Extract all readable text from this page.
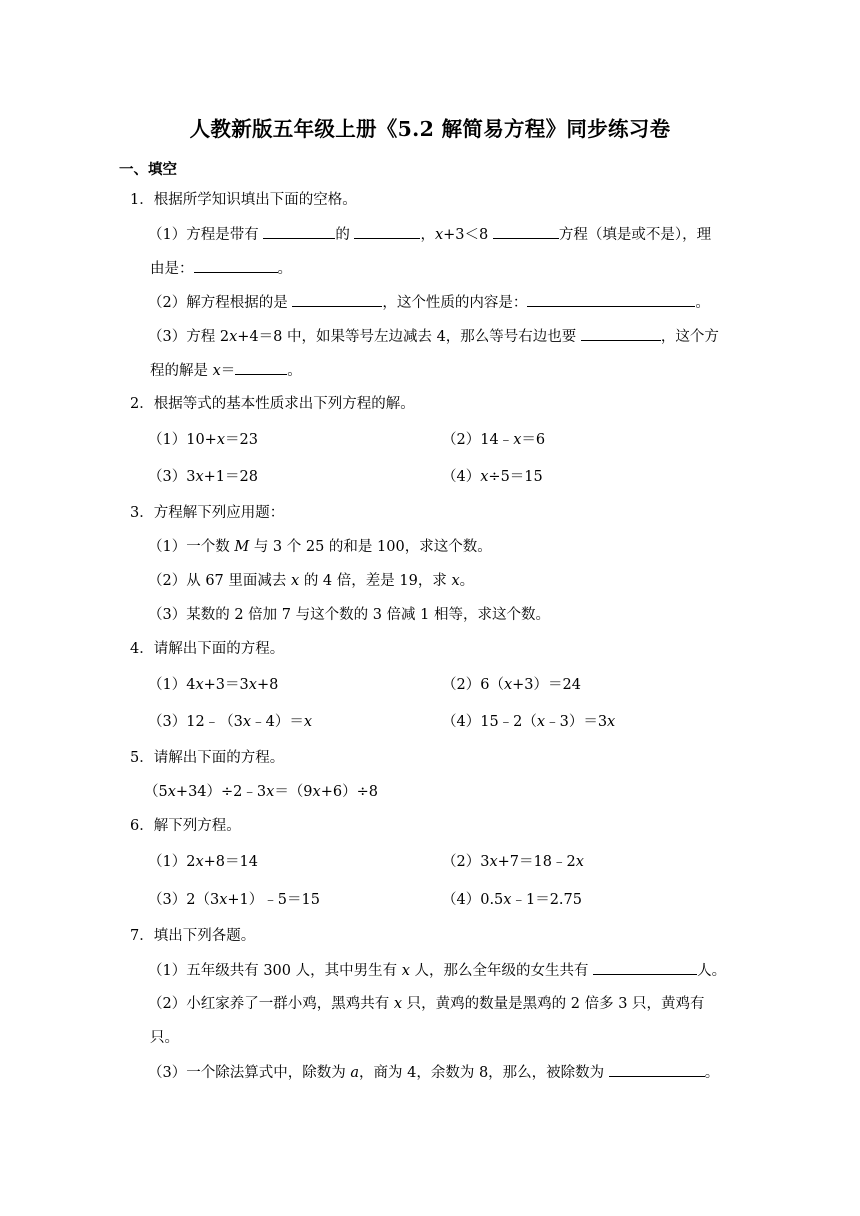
人教新版五年级上册《5.2 解简易方程》同步练习卷
一、填空
1．根据所学知识填出下面的空格。
（1）方程是带有	的	，x+3＜8	方程（填是或不是），理
由是：	。
（2）解方程根据的是	，这个性质的内容是：	。
（3）方程 2x+4＝8 中，如果等号左边减去 4，那么等号右边也要	，这个方
程的解是 x＝	。
2．根据等式的基本性质求出下列方程的解。
（1）10+x＝23	（2）14﹣x＝6
（3）3x+1＝28	（4）x÷5＝15
3．方程解下列应用题：
（1）一个数 M 与 3 个 25 的和是 100，求这个数。
（2）从 67 里面减去 x 的 4 倍，差是 19，求 x。
（3）某数的 2 倍加 7 与这个数的 3 倍减 1 相等，求这个数。
4．请解出下面的方程。
（1）4x+3＝3x+8	（2）6（x+3）＝24
（3）12﹣（3x﹣4）＝x	（4）15﹣2（x﹣3）＝3x
5．请解出下面的方程。
（5x+34）÷2﹣3x＝（9x+6）÷8
6．解下列方程。
（1）2x+8＝14	（2）3x+7＝18﹣2x
（3）2（3x+1）﹣5＝15	（4）0.5x﹣1＝2.75
7．填出下列各题。
（1）五年级共有 300 人，其中男生有 x 人，那么全年级的女生共有	人。
（2）小红家养了一群小鸡，黑鸡共有 x 只，黄鸡的数量是黑鸡的 2 倍多 3 只，黄鸡有
只。
（3）一个除法算式中，除数为 a，商为 4，余数为 8，那么，被除数为	。
